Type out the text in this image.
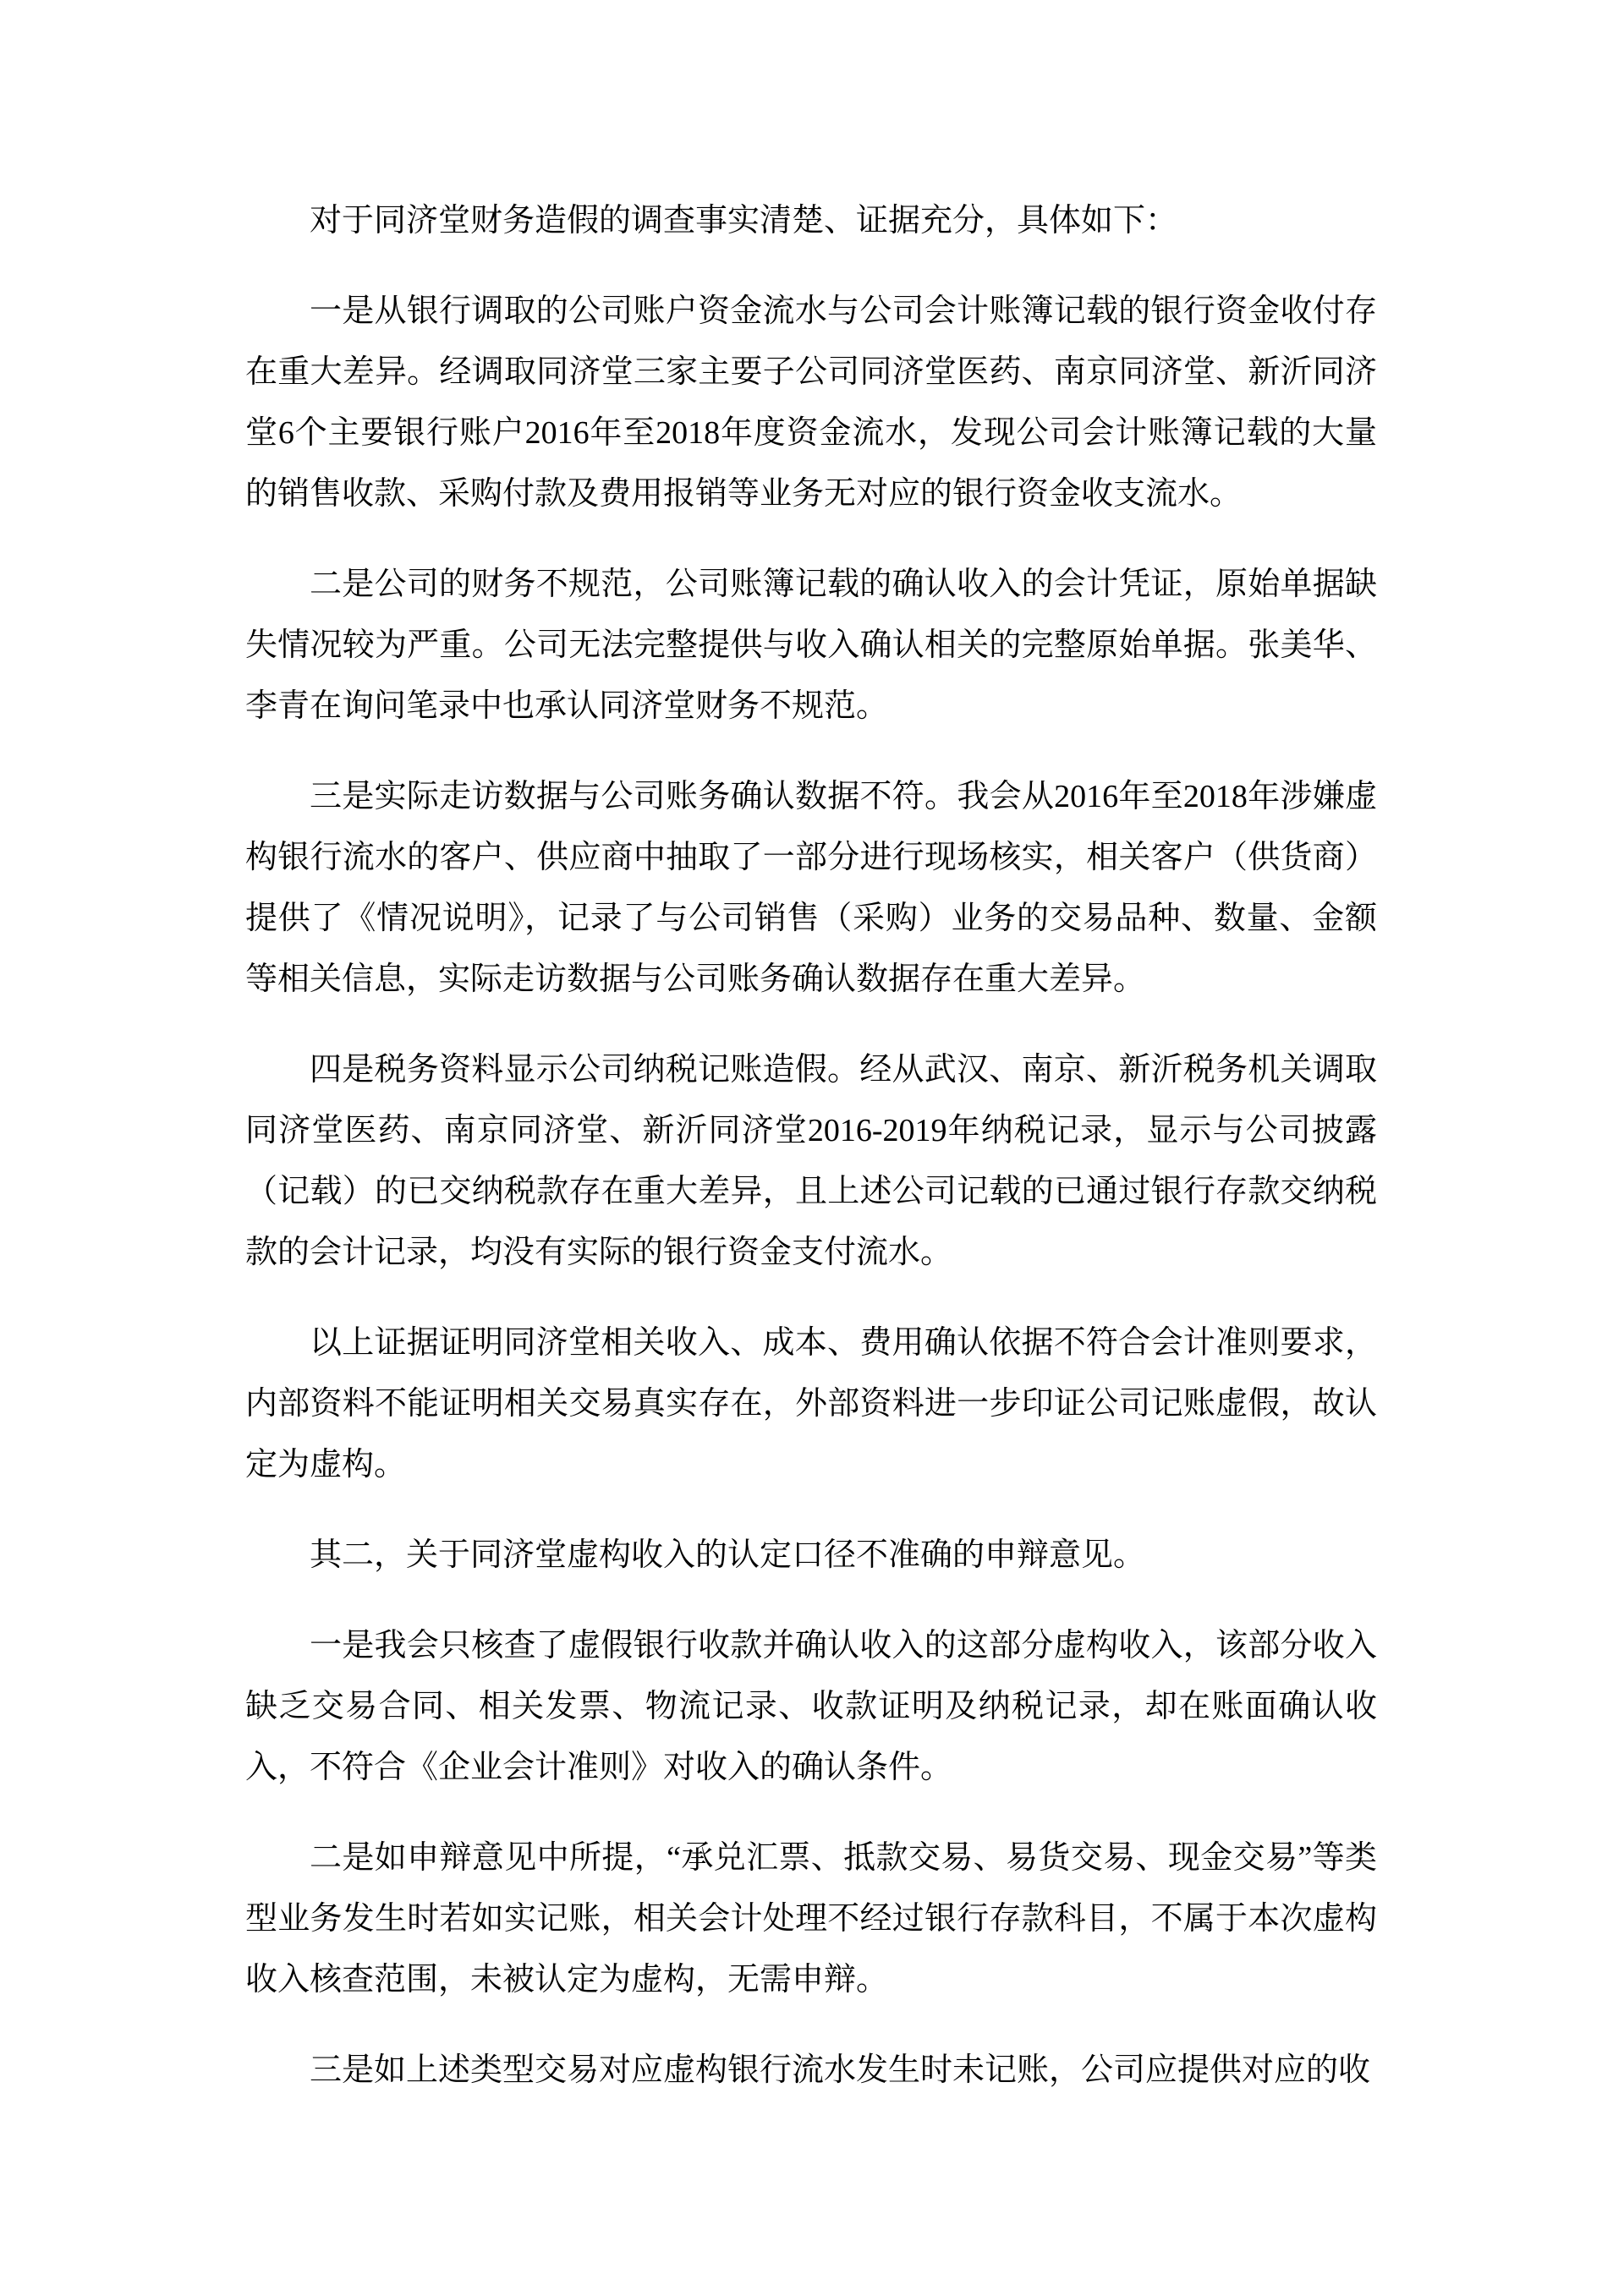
对于同济堂财务造假的调查事实清楚、证据充分，具体如下：

一是从银行调取的公司账户资金流水与公司会计账簿记载的银行资金收付存在重大差异。经调取同济堂三家主要子公司同济堂医药、南京同济堂、新沂同济堂6个主要银行账户2016年至2018年度资金流水，发现公司会计账簿记载的大量的销售收款、采购付款及费用报销等业务无对应的银行资金收支流水。

二是公司的财务不规范，公司账簿记载的确认收入的会计凭证，原始单据缺失情况较为严重。公司无法完整提供与收入确认相关的完整原始单据。张美华、李青在询问笔录中也承认同济堂财务不规范。

三是实际走访数据与公司账务确认数据不符。我会从2016年至2018年涉嫌虚构银行流水的客户、供应商中抽取了一部分进行现场核实，相关客户（供货商）提供了《情况说明》，记录了与公司销售（采购）业务的交易品种、数量、金额等相关信息，实际走访数据与公司账务确认数据存在重大差异。

四是税务资料显示公司纳税记账造假。经从武汉、南京、新沂税务机关调取同济堂医药、南京同济堂、新沂同济堂2016-2019年纳税记录，显示与公司披露（记载）的已交纳税款存在重大差异，且上述公司记载的已通过银行存款交纳税款的会计记录，均没有实际的银行资金支付流水。

以上证据证明同济堂相关收入、成本、费用确认依据不符合会计准则要求，内部资料不能证明相关交易真实存在，外部资料进一步印证公司记账虚假，故认定为虚构。

其二，关于同济堂虚构收入的认定口径不准确的申辩意见。

一是我会只核查了虚假银行收款并确认收入的这部分虚构收入，该部分收入缺乏交易合同、相关发票、物流记录、收款证明及纳税记录，却在账面确认收入，不符合《企业会计准则》对收入的确认条件。

二是如申辩意见中所提，“承兑汇票、抵款交易、易货交易、现金交易”等类型业务发生时若如实记账，相关会计处理不经过银行存款科目，不属于本次虚构收入核查范围，未被认定为虚构，无需申辩。

三是如上述类型交易对应虚构银行流水发生时未记账，公司应提供对应的收
